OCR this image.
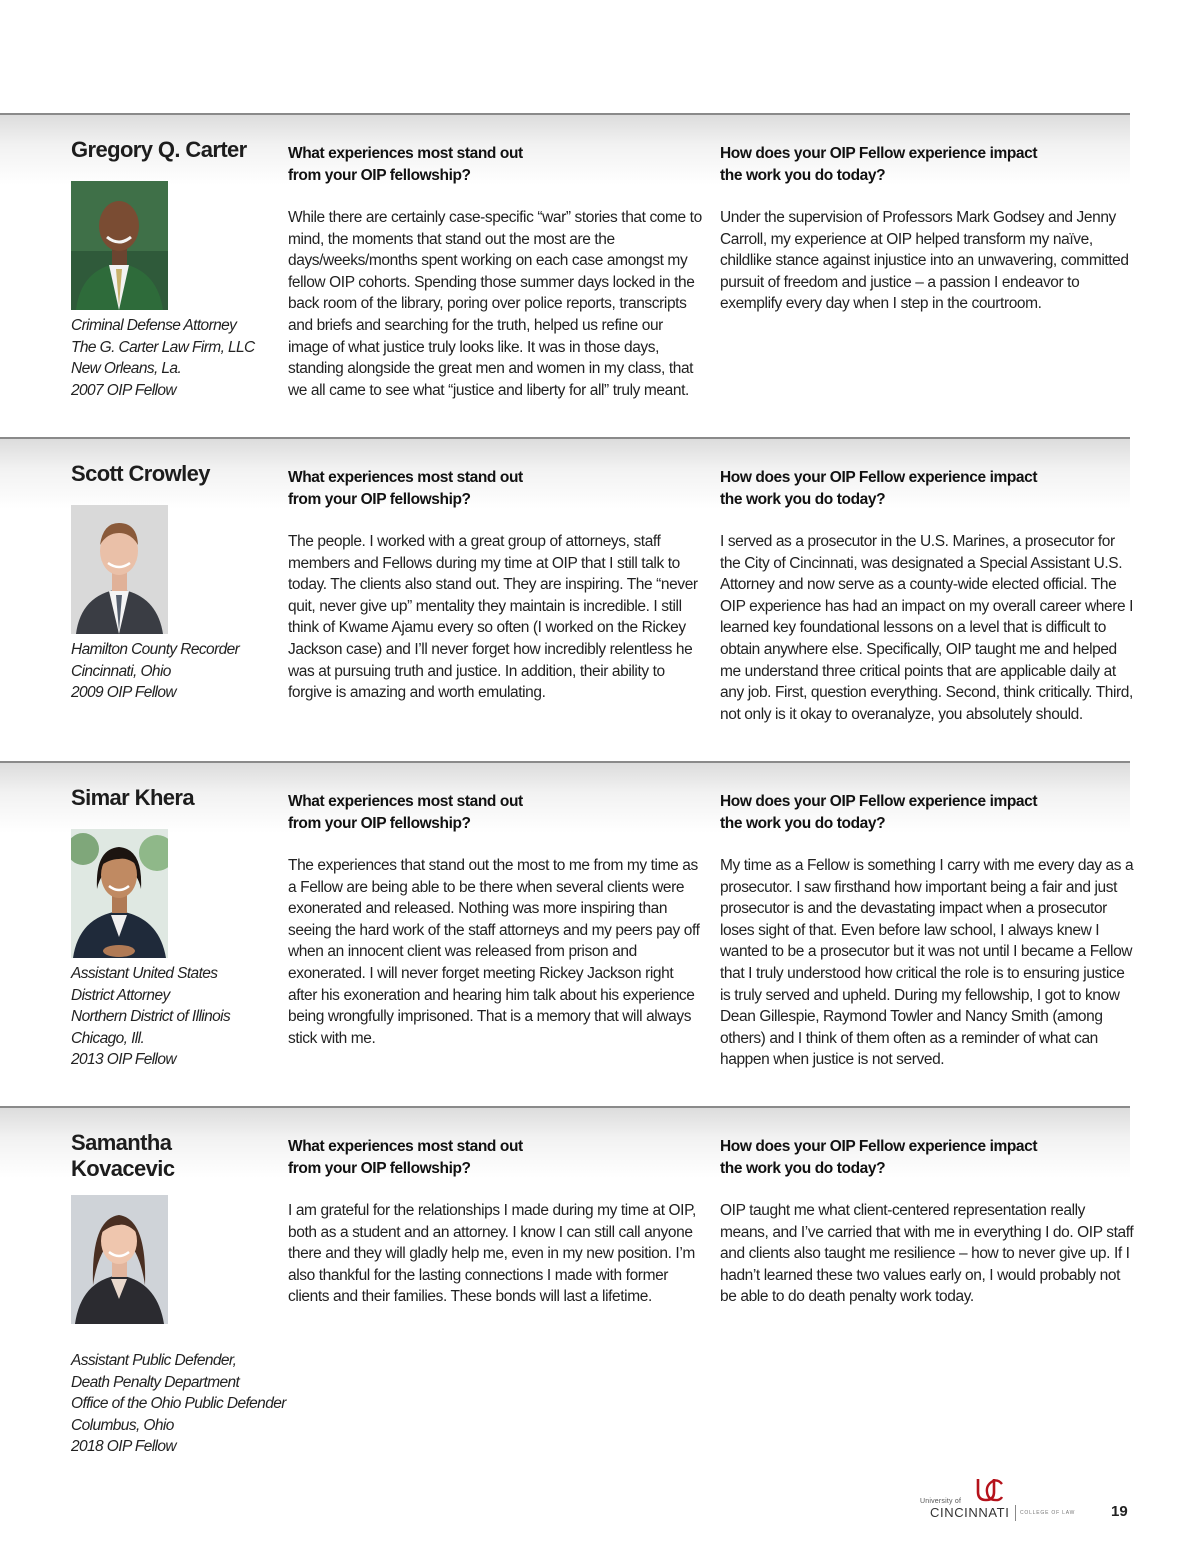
Gregory Q. Carter
Criminal Defense Attorney
The G. Carter Law Firm, LLC
New Orleans, La.
2007 OIP Fellow
What experiences most stand out from your OIP fellowship?

While there are certainly case-specific “war” stories that come to mind, the moments that stand out the most are the days/weeks/months spent working on each case amongst my fellow OIP cohorts. Spending those summer days locked in the back room of the library, poring over police reports, transcripts and briefs and searching for the truth, helped us refine our image of what justice truly looks like. It was in those days, standing alongside the great men and women in my class, that we all came to see what “justice and liberty for all” truly meant.

How does your OIP Fellow experience impact the work you do today?

Under the supervision of Professors Mark Godsey and Jenny Carroll, my experience at OIP helped transform my naïve, childlike stance against injustice into an unwavering, committed pursuit of freedom and justice – a passion I endeavor to exemplify every day when I step in the courtroom.

Scott Crowley
Hamilton County Recorder
Cincinnati, Ohio
2009 OIP Fellow
What experiences most stand out from your OIP fellowship?

The people. I worked with a great group of attorneys, staff members and Fellows during my time at OIP that I still talk to today. The clients also stand out. They are inspiring. The “never quit, never give up” mentality they maintain is incredible. I still think of Kwame Ajamu every so often (I worked on the Rickey Jackson case) and I’ll never forget how incredibly relentless he was at pursuing truth and justice. In addition, their ability to forgive is amazing and worth emulating.

How does your OIP Fellow experience impact the work you do today?

I served as a prosecutor in the U.S. Marines, a prosecutor for the City of Cincinnati, was designated a Special Assistant U.S. Attorney and now serve as a county-wide elected official. The OIP experience has had an impact on my overall career where I learned key foundational lessons on a level that is difficult to obtain anywhere else. Specifically, OIP taught me and helped me understand three critical points that are applicable daily at any job. First, question everything. Second, think critically. Third, not only is it okay to overanalyze, you absolutely should.

Simar Khera
Assistant United States
District Attorney
Northern District of Illinois
Chicago, Ill.
2013 OIP Fellow
What experiences most stand out from your OIP fellowship?

The experiences that stand out the most to me from my time as a Fellow are being able to be there when several clients were exonerated and released. Nothing was more inspiring than seeing the hard work of the staff attorneys and my peers pay off when an innocent client was released from prison and exonerated. I will never forget meeting Rickey Jackson right after his exoneration and hearing him talk about his experience being wrongfully imprisoned. That is a memory that will always stick with me.

How does your OIP Fellow experience impact the work you do today?

My time as a Fellow is something I carry with me every day as a prosecutor. I saw firsthand how important being a fair and just prosecutor is and the devastating impact when a prosecutor loses sight of that. Even before law school, I always knew I wanted to be a prosecutor but it was not until I became a Fellow that I truly understood how critical the role is to ensuring justice is truly served and upheld. During my fellowship, I got to know Dean Gillespie, Raymond Towler and Nancy Smith (among others) and I think of them often as a reminder of what can happen when justice is not served.

Samantha Kovacevic
Assistant Public Defender,
Death Penalty Department
Office of the Ohio Public Defender
Columbus, Ohio
2018 OIP Fellow
What experiences most stand out from your OIP fellowship?

I am grateful for the relationships I made during my time at OIP, both as a student and an attorney. I know I can still call anyone there and they will gladly help me, even in my new position. I’m also thankful for the lasting connections I made with former clients and their families. These bonds will last a lifetime.

How does your OIP Fellow experience impact the work you do today?

OIP taught me what client-centered representation really means, and I’ve carried that with me in everything I do. OIP staff and clients also taught me resilience – how to never give up. If I hadn’t learned these two values early on, I would probably not be able to do death penalty work today.

University of
CINCINNATI COLLEGE OF LAW 19
